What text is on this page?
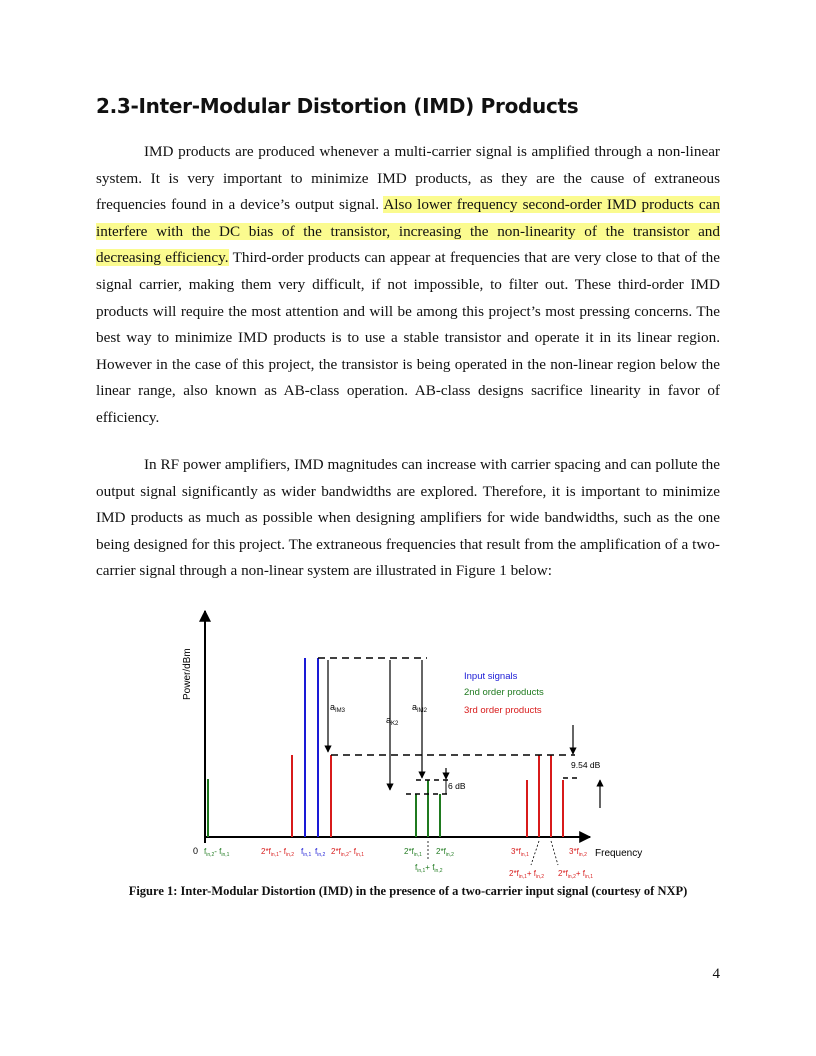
2.3-Inter-Modular Distortion (IMD) Products

IMD products are produced whenever a multi-carrier signal is amplified through a non-linear system. It is very important to minimize IMD products, as they are the cause of extraneous frequencies found in a device’s output signal. Also lower frequency second-order IMD products can interfere with the DC bias of the transistor, increasing the non-linearity of the transistor and decreasing efficiency. Third-order products can appear at frequencies that are very close to that of the signal carrier, making them very difficult, if not impossible, to filter out. These third-order IMD products will require the most attention and will be among this project’s most pressing concerns. The best way to minimize IMD products is to use a stable transistor and operate it in its linear region. However in the case of this project, the transistor is being operated in the non-linear region below the linear range, also known as AB-class operation. AB-class designs sacrifice linearity in favor of efficiency.

In RF power amplifiers, IMD magnitudes can increase with carrier spacing and can pollute the output signal significantly as wider bandwidths are explored. Therefore, it is important to minimize IMD products as much as possible when designing amplifiers for wide bandwidths, such as the one being designed for this project. The extraneous frequencies that result from the amplification of a two-carrier signal through a non-linear system are illustrated in Figure 1 below:

Power/dBm
Frequency
0
$a_{IM3}$
$a_{K2}$
$a_{IM2}$
9.54 dB
6 dB
Input signals
2nd order products
3rd order products
$f_{in,2}-$ $f_{in,1}$	$2*f_{in,1}-$ $f_{in,2}$ $f_{in,1}$ $f_{in,2}$ $2*f_{in,2}-$ $f_{in,1}$	$2*f_{in,1}$ $2*f_{in,2}$
$f_{in,1}+ f_{in,2}$
$3*f_{in,1}$	$3*f_{in,2}$
$2*f_{in,1}+ f_{in,2}$ $2*f_{in,2}+ f_{in,1}$
Figure 1: Inter-Modular Distortion (IMD) in the presence of a two-carrier input signal (courtesy of NXP)
4
